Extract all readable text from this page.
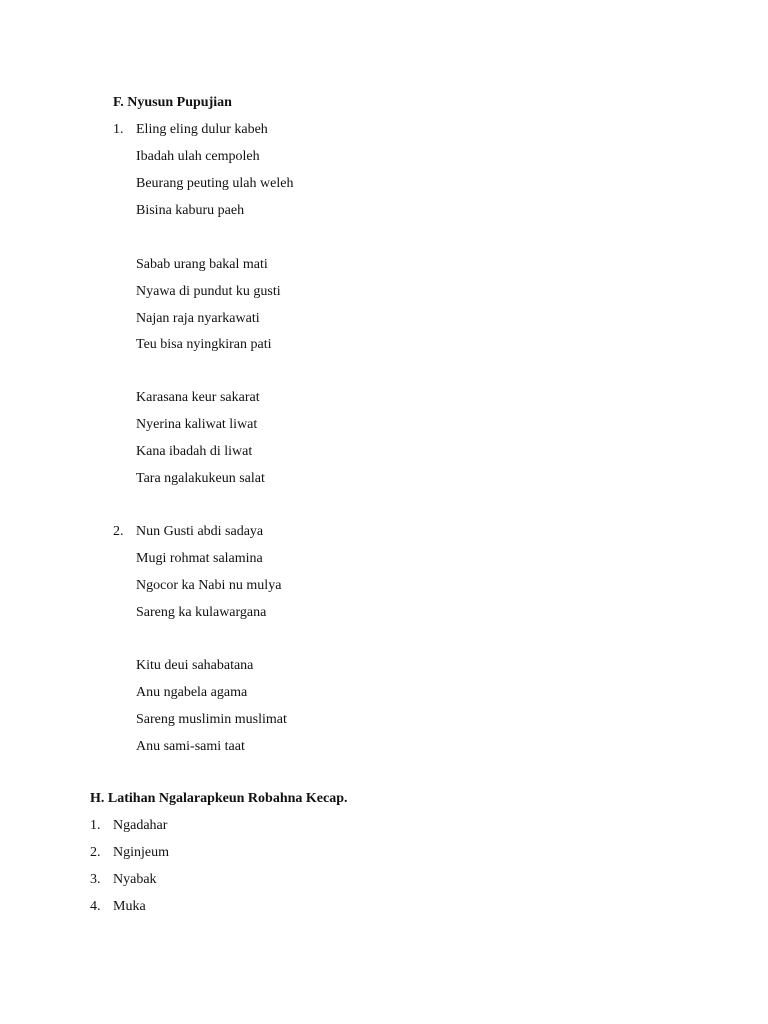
F. Nyusun Pupujian
1. Eling eling dulur kabeh
Ibadah ulah cempoleh
Beurang peuting ulah weleh
Bisina kaburu paeh
Sabab urang bakal mati
Nyawa di pundut ku gusti
Najan raja nyarkawati
Teu bisa nyingkiran pati
Karasana keur sakarat
Nyerina kaliwat liwat
Kana ibadah di liwat
Tara ngalakukeun salat
2. Nun Gusti abdi sadaya
Mugi rohmat salamina
Ngocor ka Nabi nu mulya
Sareng ka kulawargana
Kitu deui sahabatana
Anu ngabela agama
Sareng muslimin muslimat
Anu sami-sami taat
H. Latihan Ngalarapkeun Robahna Kecap.
1. Ngadahar
2. Nginjeum
3. Nyabak
4. Muka
